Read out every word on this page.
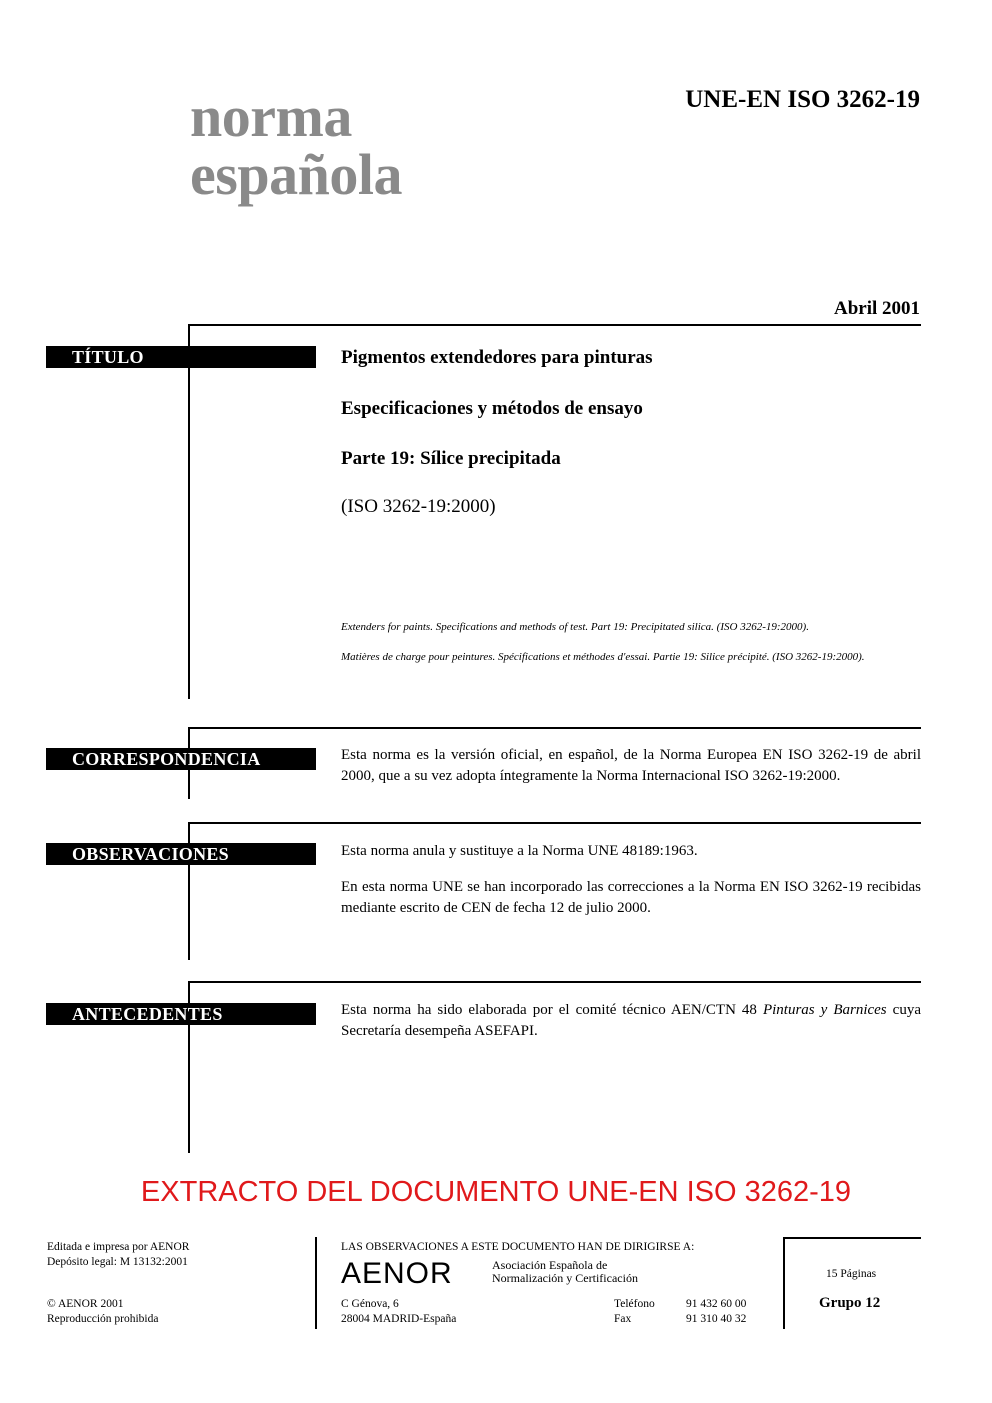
norma
española
UNE-EN ISO 3262-19
Abril 2001
TÍTULO	Pigmentos extendedores para pinturas
Especificaciones y métodos de ensayo
Parte 19: Sílice precipitada
(ISO 3262-19:2000)
Extenders for paints. Specifications and methods of test. Part 19: Precipitated silica. (ISO 3262-19:2000).
Matières de charge pour peintures. Spécifications et méthodes d'essai. Partie 19: Silice précipité. (ISO 3262-19:2000).
CORRESPONDENCIA	Esta norma es la versión oficial, en español, de la Norma Europea EN ISO 3262-19 de abril 2000, que a su vez adopta íntegramente la Norma Internacional ISO 3262-19:2000.
OBSERVACIONES	Esta norma anula y sustituye a la Norma UNE 48189:1963.
En esta norma UNE se han incorporado las correcciones a la Norma EN ISO 3262-19 recibidas mediante escrito de CEN de fecha 12 de julio 2000.
ANTECEDENTES	Esta norma ha sido elaborada por el comité técnico AEN/CTN 48 Pinturas y Barnices cuya Secretaría desempeña ASEFAPI.
EXTRACTO DEL DOCUMENTO UNE-EN ISO 3262-19
Editada e impresa por AENOR
Depósito legal: M 13132:2001
© AENOR 2001
Reproducción prohibida
LAS OBSERVACIONES A ESTE DOCUMENTO HAN DE DIRIGIRSE A:
AENOR	Asociación Española de
Normalización y Certificación
C Génova, 6
28004 MADRID-España
Teléfono	91 432 60 00
Fax	91 310 40 32
15 Páginas
Grupo 12
